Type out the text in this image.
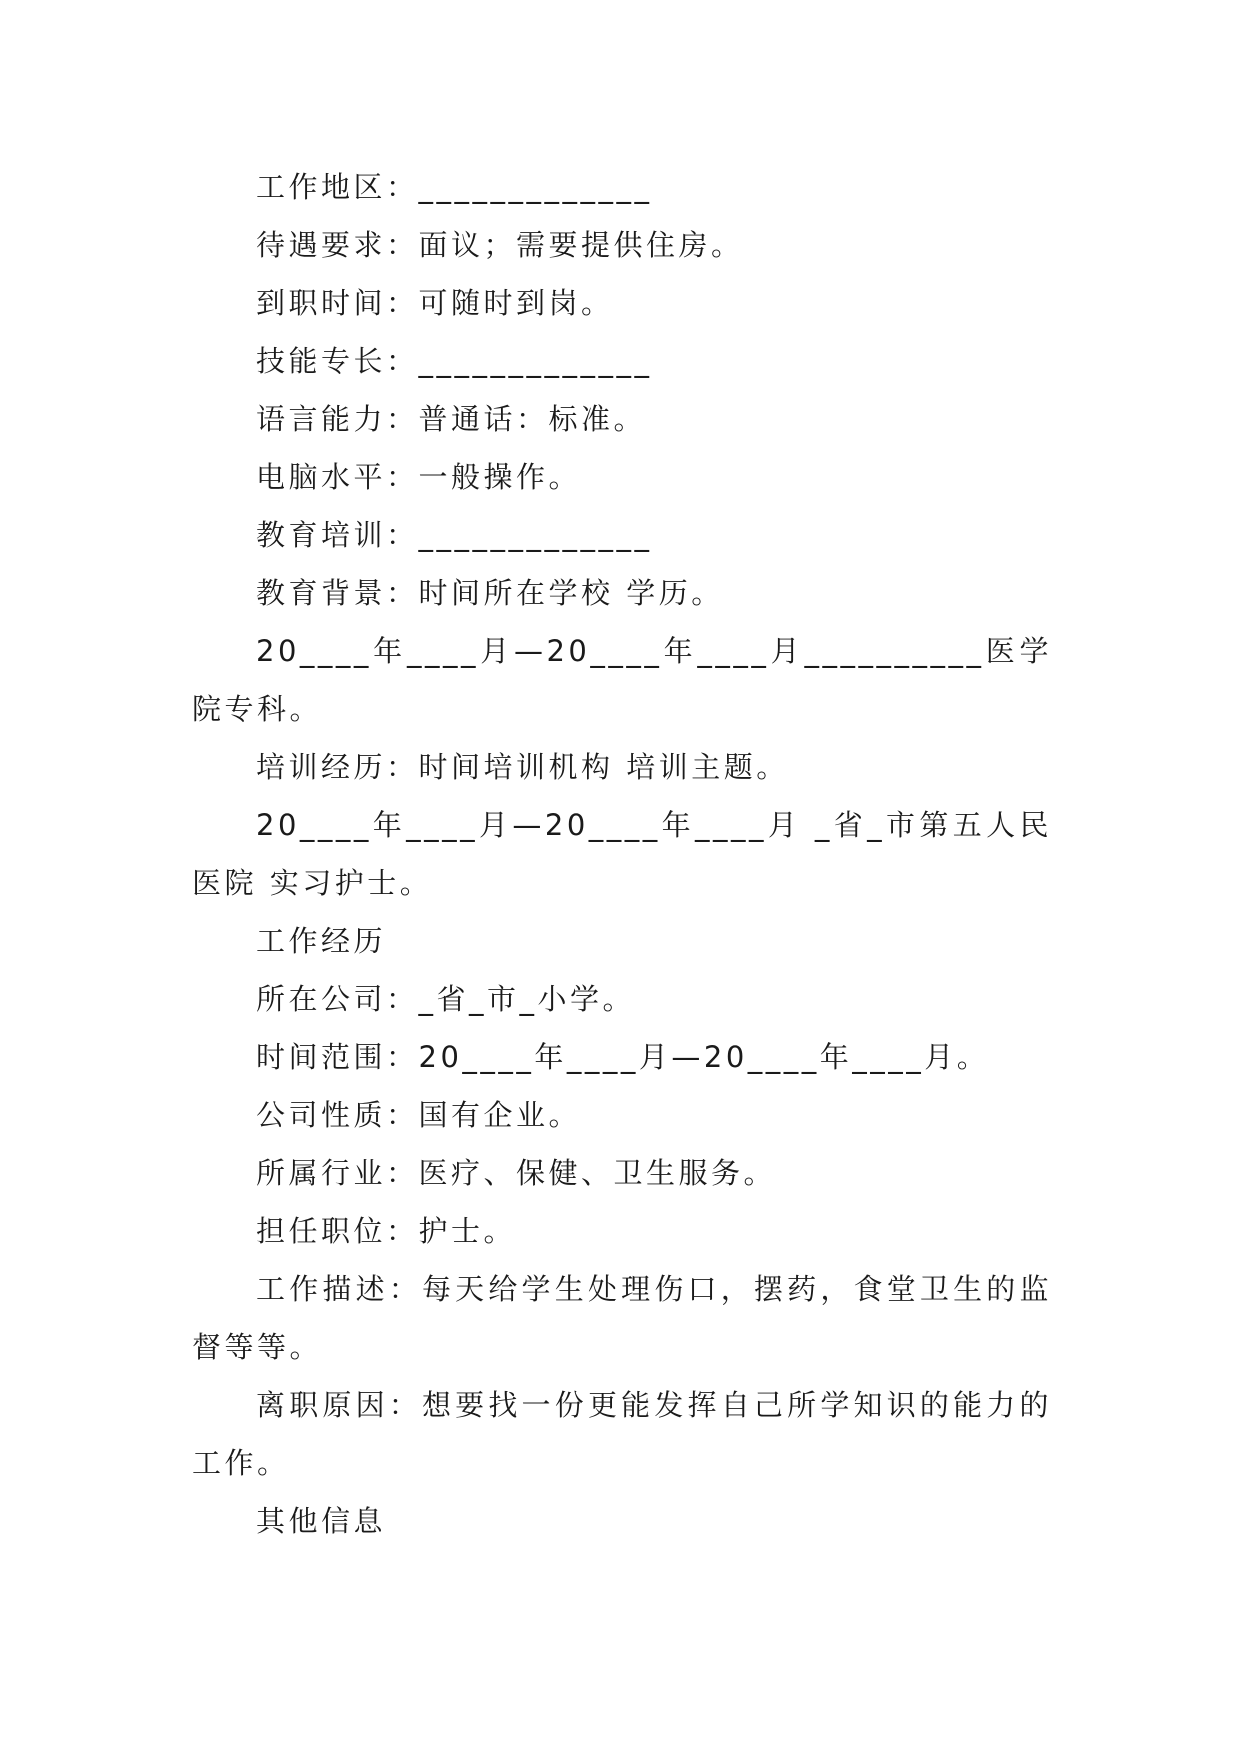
工作地区：_____________
待遇要求：面议；需要提供住房。
到职时间：可随时到岗。
技能专长：_____________
语言能力：普通话：标准。
电脑水平：一般操作。
教育培训：_____________
教育背景：时间所在学校 学历。
20____年____月—20____年____月__________医学院专科。
培训经历：时间培训机构 培训主题。
20____年____月—20____年____月 _省_市第五人民医院 实习护士。
工作经历
所在公司：_省_市_小学。
时间范围：20____年____月—20____年____月。
公司性质：国有企业。
所属行业：医疗、保健、卫生服务。
担任职位：护士。
工作描述：每天给学生处理伤口，摆药，食堂卫生的监督等等。
离职原因：想要找一份更能发挥自己所学知识的能力的工作。
其他信息
